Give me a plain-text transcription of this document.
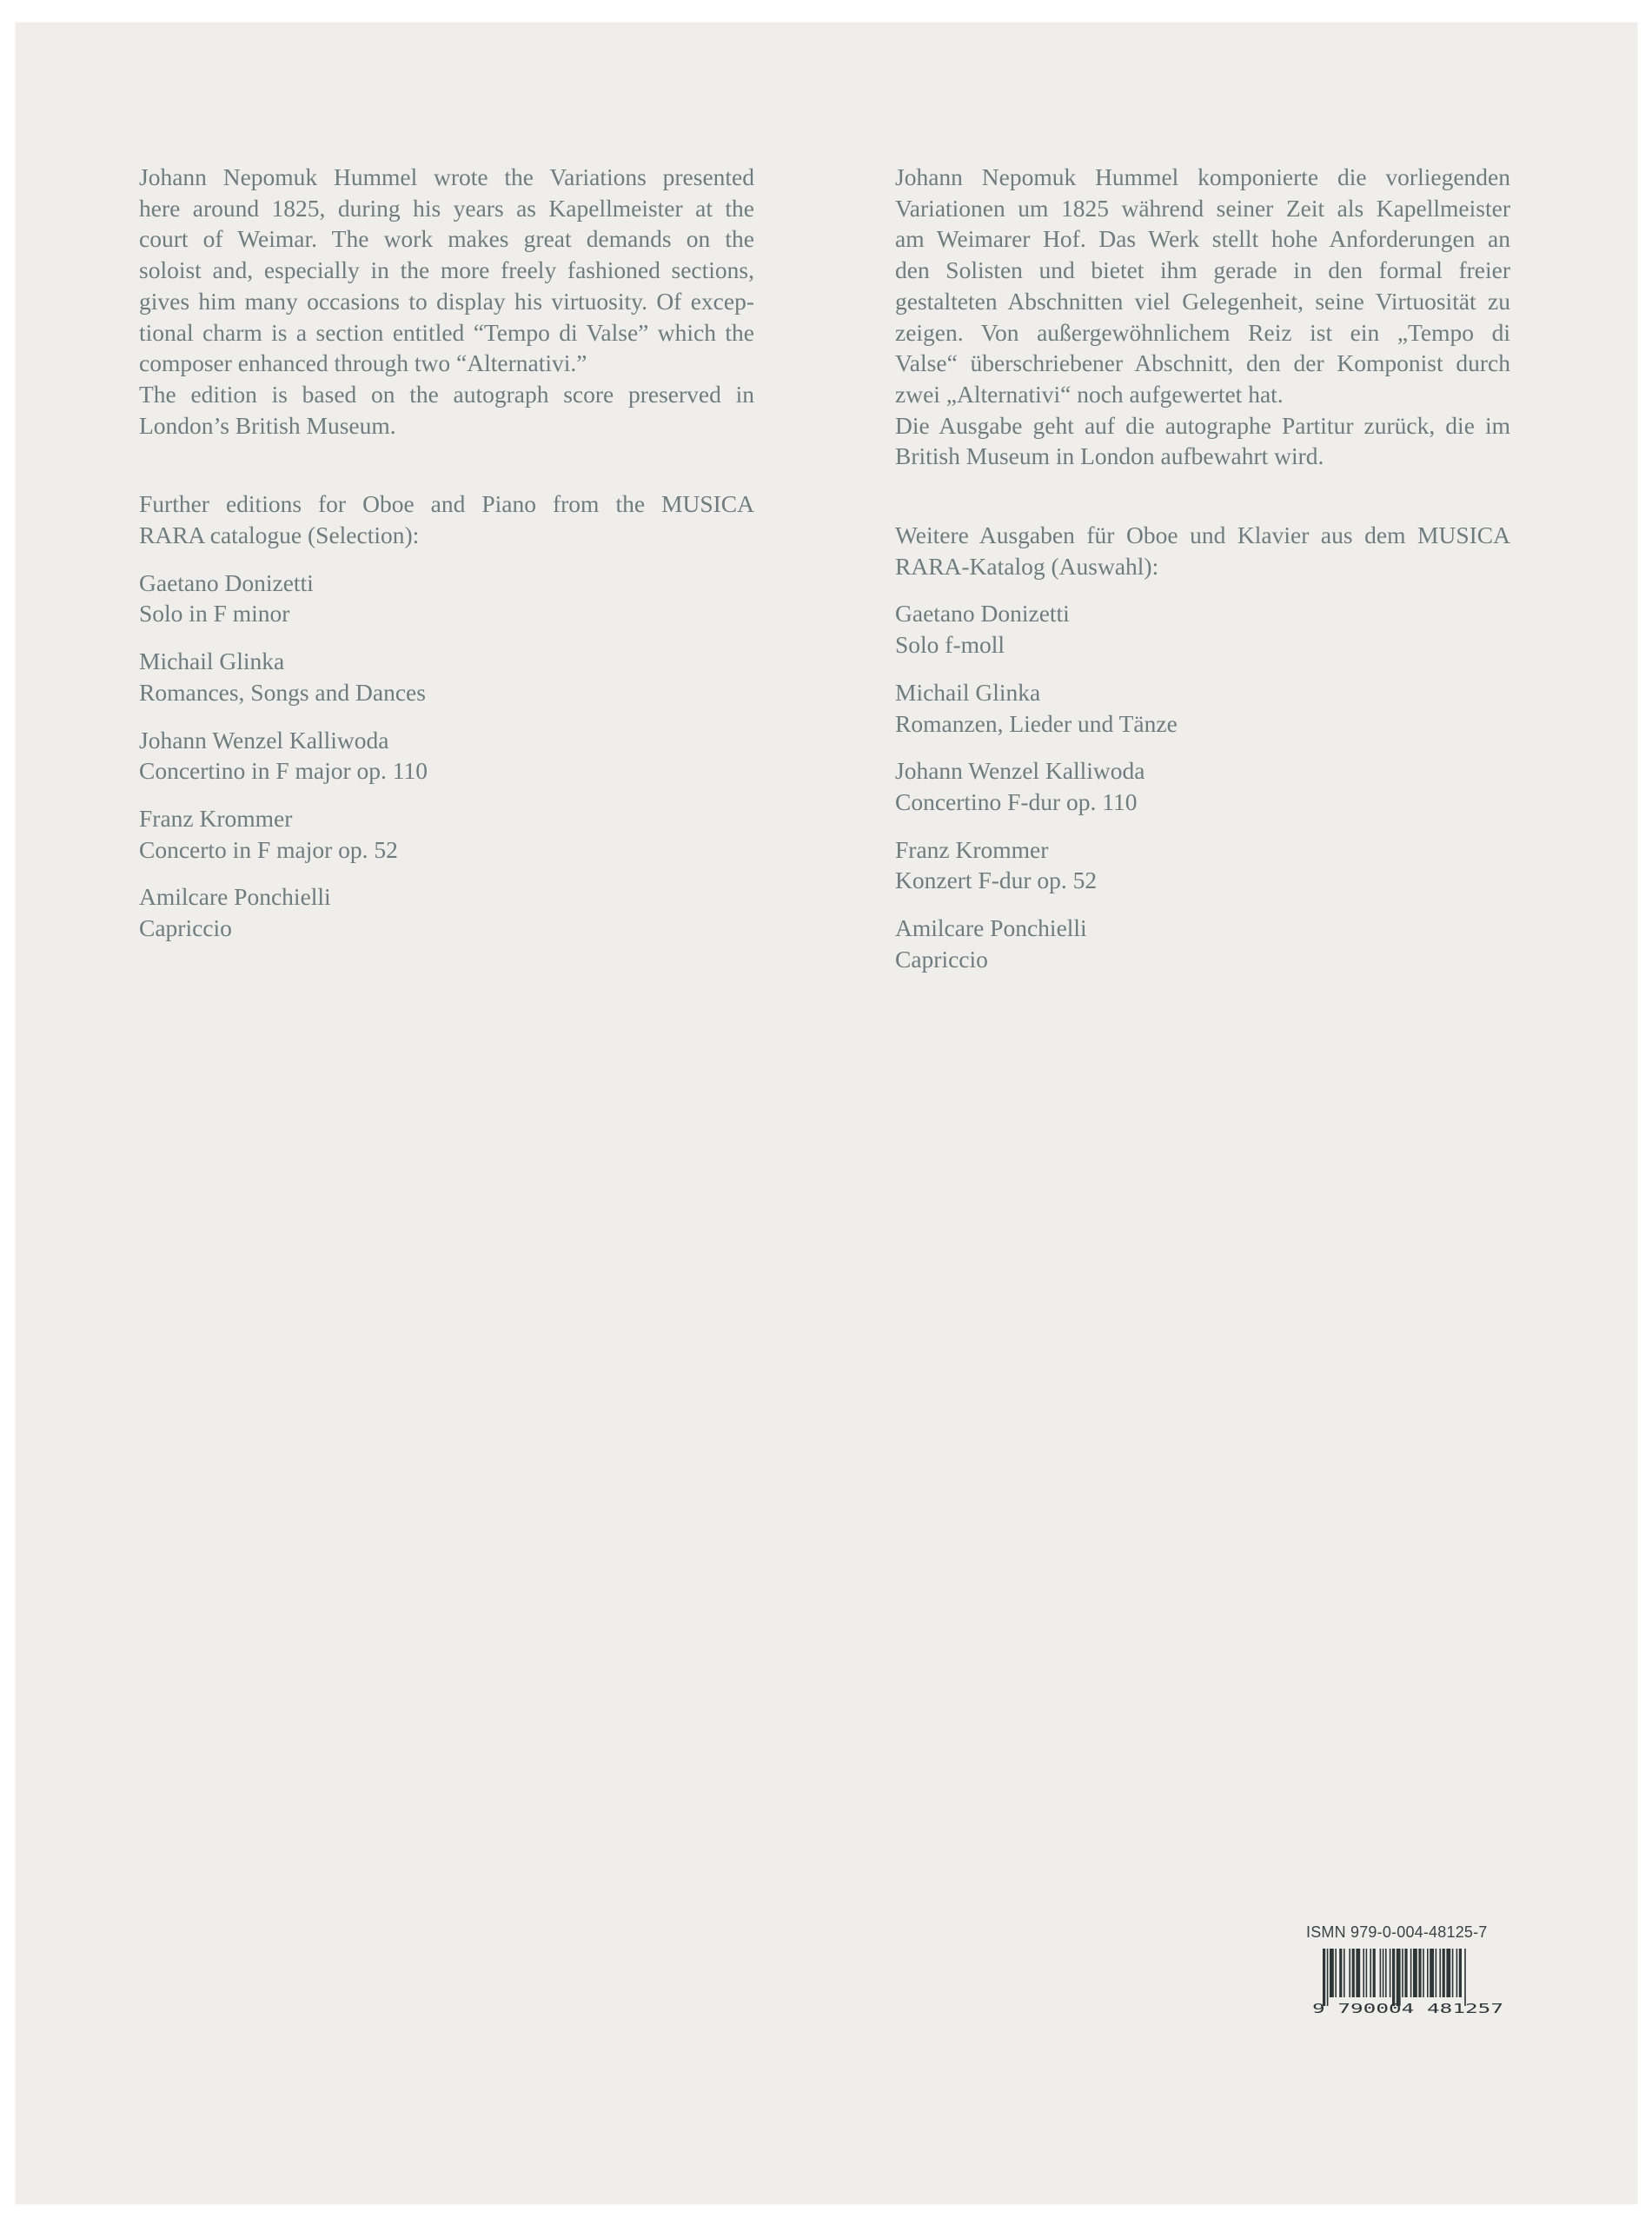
Johann Nepomuk Hummel wrote the Variations presented
here around 1825, during his years as Kapellmeister at the
court of Weimar. The work makes great demands on the
soloist and, especially in the more freely fashioned sections,
gives him many occasions to display his virtuosity. Of excep-
tional charm is a section entitled “Tempo di Valse” which the
composer enhanced through two “Alternativi.”
The edition is based on the autograph score preserved in
London’s British Museum.
Further editions for Oboe and Piano from the MUSICA
RARA catalogue (Selection):
Gaetano Donizetti
Solo in F minor
Michail Glinka
Romances, Songs and Dances
Johann Wenzel Kalliwoda
Concertino in F major op. 110
Franz Krommer
Concerto in F major op. 52
Amilcare Ponchielli
Capriccio
Johann Nepomuk Hummel komponierte die vorliegenden
Variationen um 1825 während seiner Zeit als Kapellmeister
am Weimarer Hof. Das Werk stellt hohe Anforderungen an
den Solisten und bietet ihm gerade in den formal freier
gestalteten Abschnitten viel Gelegenheit, seine Virtuosität zu
zeigen. Von außergewöhnlichem Reiz ist ein „Tempo di
Valse“ überschriebener Abschnitt, den der Komponist durch
zwei „Alternativi“ noch aufgewertet hat.
Die Ausgabe geht auf die autographe Partitur zurück, die im
British Museum in London aufbewahrt wird.
Weitere Ausgaben für Oboe und Klavier aus dem MUSICA
RARA-Katalog (Auswahl):
Gaetano Donizetti
Solo f-moll
Michail Glinka
Romanzen, Lieder und Tänze
Johann Wenzel Kalliwoda
Concertino F-dur op. 110
Franz Krommer
Konzert F-dur op. 52
Amilcare Ponchielli
Capriccio
ISMN 979-0-004-48125-7
9 790004 481257
